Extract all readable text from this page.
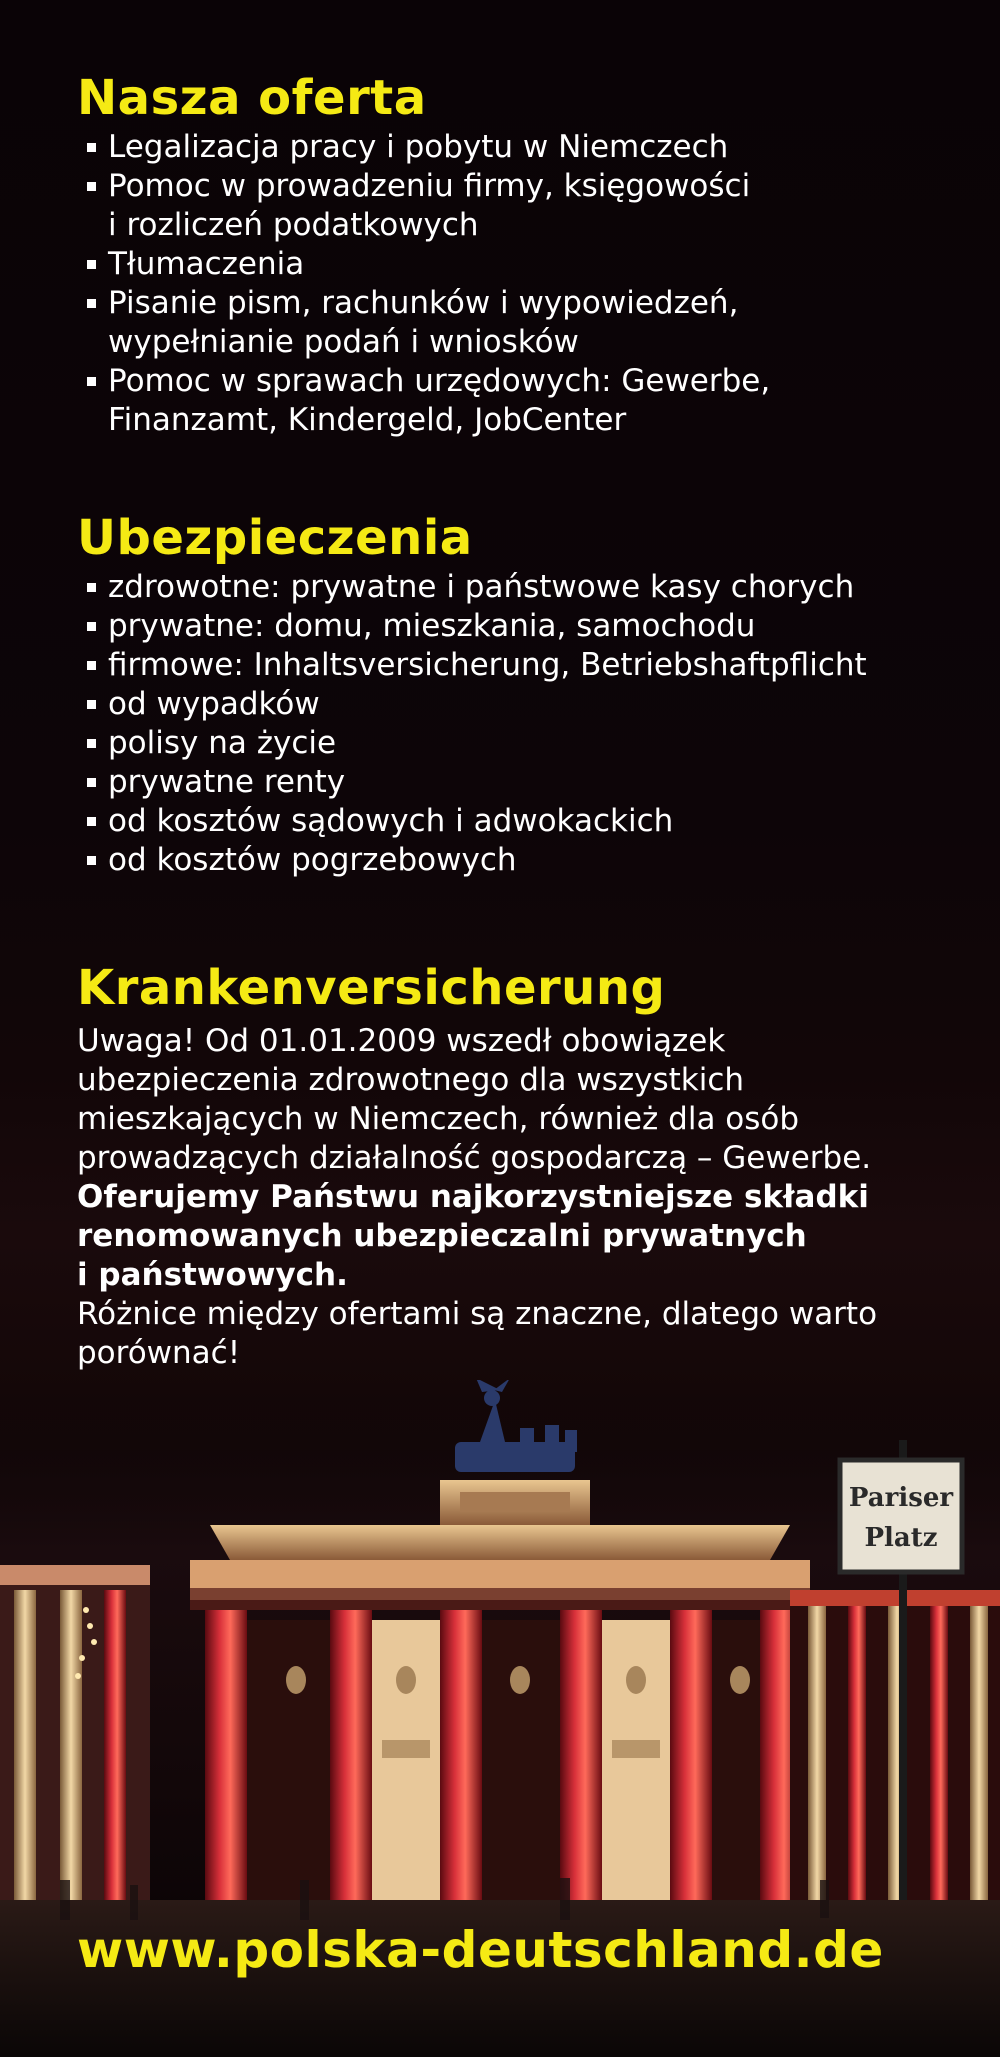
Nasza oferta
Legalizacja pracy i pobytu w Niemczech
Pomoc w prowadzeniu firmy, księgowości
i rozliczeń podatkowych
Tłumaczenia
Pisanie pism, rachunków i wypowiedzeń,
wypełnianie podań i wniosków
Pomoc w sprawach urzędowych: Gewerbe,
Finanzamt, Kindergeld, JobCenter
Ubezpieczenia
zdrowotne: prywatne i państwowe kasy chorych
prywatne: domu, mieszkania, samochodu
firmowe: Inhaltsversicherung, Betriebshaftpflicht
od wypadków
polisy na życie
prywatne renty
od kosztów sądowych i adwokackich
od kosztów pogrzebowych
Krankenversicherung
Uwaga! Od 01.01.2009 wszedł obowiązek
ubezpieczenia zdrowotnego dla wszystkich
mieszkających w Niemczech, również dla osób
prowadzących działalność gospodarczą – Gewerbe.
Oferujemy Państwu najkorzystniejsze składki
renomowanych ubezpieczalni prywatnych
i państwowych.
Różnice między ofertami są znaczne, dlatego warto
porównać!
Pariser
Platz
www.polska-deutschland.de
